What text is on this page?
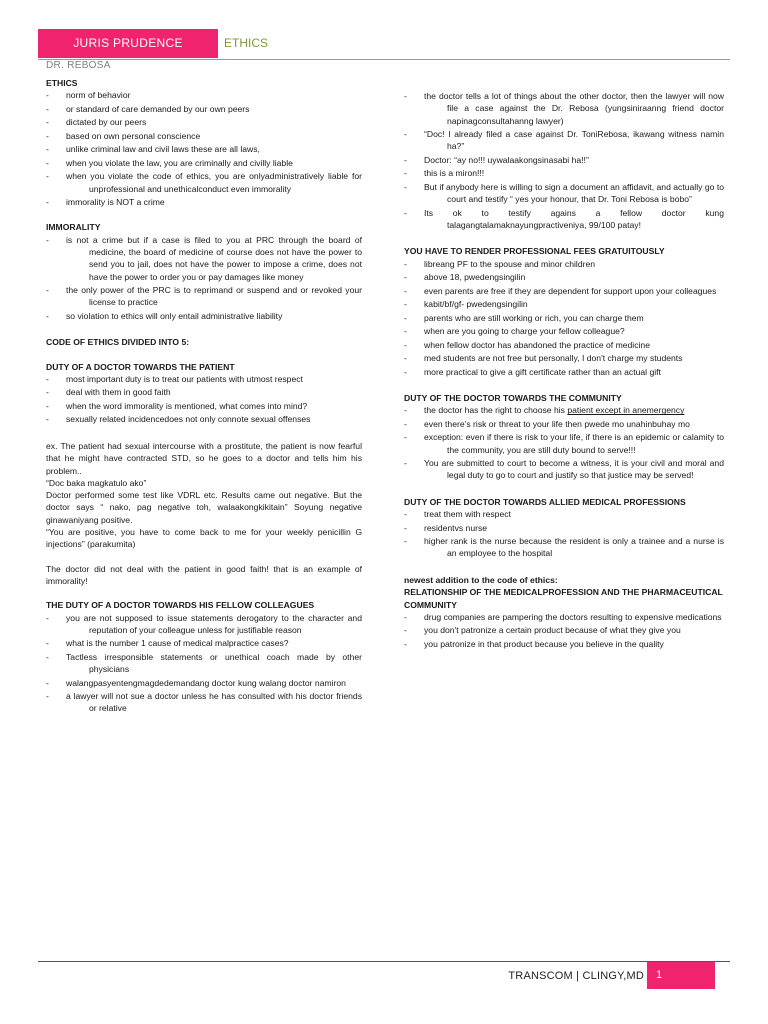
JURIS PRUDENCE	ETHICS
DR. REBOSA

ETHICS

- norm of behavior
- or standard of care demanded by our own peers
- dictated by our peers
- based on own personal conscience
- unlike criminal law and civil laws these are all laws,
- when you violate the law, you are criminally and civilly liable
- when you violate the code of ethics, you are onlyadministratively liable for unprofessional and unethicalconduct even immorality
- immorality is NOT a crime

IMMORALITY

- is not a crime but if a case is filed to you at PRC through the board of medicine, the board of medicine of course does not have the power to send you to jail, does not have the power to impose a crime, does not have the power to order you or pay damages like money
- the only power of the PRC is to reprimand or suspend and or revoked your license to practice
- so violation to ethics will only entail administrative liability

CODE OF ETHICS DIVIDED INTO 5:

DUTY OF A DOCTOR TOWARDS THE PATIENT

- most important duty is to treat our patients with utmost respect
- deal with them in good faith
- when the word immorality is mentioned, what comes into mind?
- sexually related incidencedoes not only connote sexual offenses

ex. The patient had sexual intercourse with a prostitute, the patient is now fearful that he might have contracted STD, so he goes to a doctor and tells him his problem..

“Doc baka magkatulo ako”

Doctor performed some test like VDRL etc. Results came out negative. But the doctor says “ nako, pag negative toh, walaakongkikitain” Soyung negative ginawaniyang positive.

“You are positive, you have to come back to me for your weekly penicillin G injections” (parakumita)

The doctor did not deal with the patient in good faith! that is an example of immorality!

THE DUTY OF A DOCTOR TOWARDS HIS FELLOW COLLEAGUES

- you are not supposed to issue statements derogatory to the character and reputation of your colleague unless for justifiable reason
- what is the number 1 cause of medical malpractice cases?
- Tactless irresponsible statements or unethical coach made by other physicians
- walangpasyentengmagdedemandang doctor kung walang doctor namiron
- a lawyer will not sue a doctor unless he has consulted with his doctor friends or relative
- the doctor tells a lot of things about the other doctor, then the lawyer will now file a case against the Dr. Rebosa (yungsiniraanng friend doctor napinagconsultahanng lawyer)
- “Doc! I already filed a case against Dr. ToniRebosa, ikawang witness namin ha?”
- Doctor: “ay no!!! uywalaakongsinasabi ha!!”
- this is a miron!!!
- But if anybody here is willing to sign a document an affidavit, and actually go to court and testify “ yes your honour, that Dr. Toni Rebosa is bobo”
- Its ok to testify agains a fellow doctor kung talagangtalamaknayungpractiveniya, 99/100 patay!

YOU HAVE TO RENDER PROFESSIONAL FEES GRATUITOUSLY

- libreang PF to the spouse and minor children
- above 18, pwedengsingilin
- even parents are free if they are dependent for support upon your colleagues
- kabit/bf/gf- pwedengsingilin
- parents who are still working or rich, you can charge them
- when are you going to charge your fellow colleague?
- when fellow doctor has abandoned the practice of medicine
- med students are not free but personally, I don't charge my students
- more practical to give a gift certificate rather than an actual gift

DUTY OF THE DOCTOR TOWARDS THE COMMUNITY

- the doctor has the right to choose his patient except in anemergency
- even there’s risk or threat to your life then pwede mo unahinbuhay mo
- exception: even if there is risk to your life, if there is an epidemic or calamity to the community, you are still duty bound to serve!!!
- You are submitted to court to become a witness, it is your civil and moral and legal duty to go to court and justify so that justice may be served!

DUTY OF THE DOCTOR TOWARDS ALLIED MEDICAL PROFESSIONS

- treat them with respect
- residentvs nurse
- higher rank is the nurse because the resident is only a trainee and a nurse is an employee to the hospital

newest addition to the code of ethics:

RELATIONSHIP OF THE MEDICALPROFESSION AND THE PHARMACEUTICAL COMMUNITY

- drug companies are pampering the doctors resulting to expensive medications
- you don't patronize a certain product because of what they give you
- you patronize in that product because you believe in the quality
TRANSCOM | CLINGY,MD	1
